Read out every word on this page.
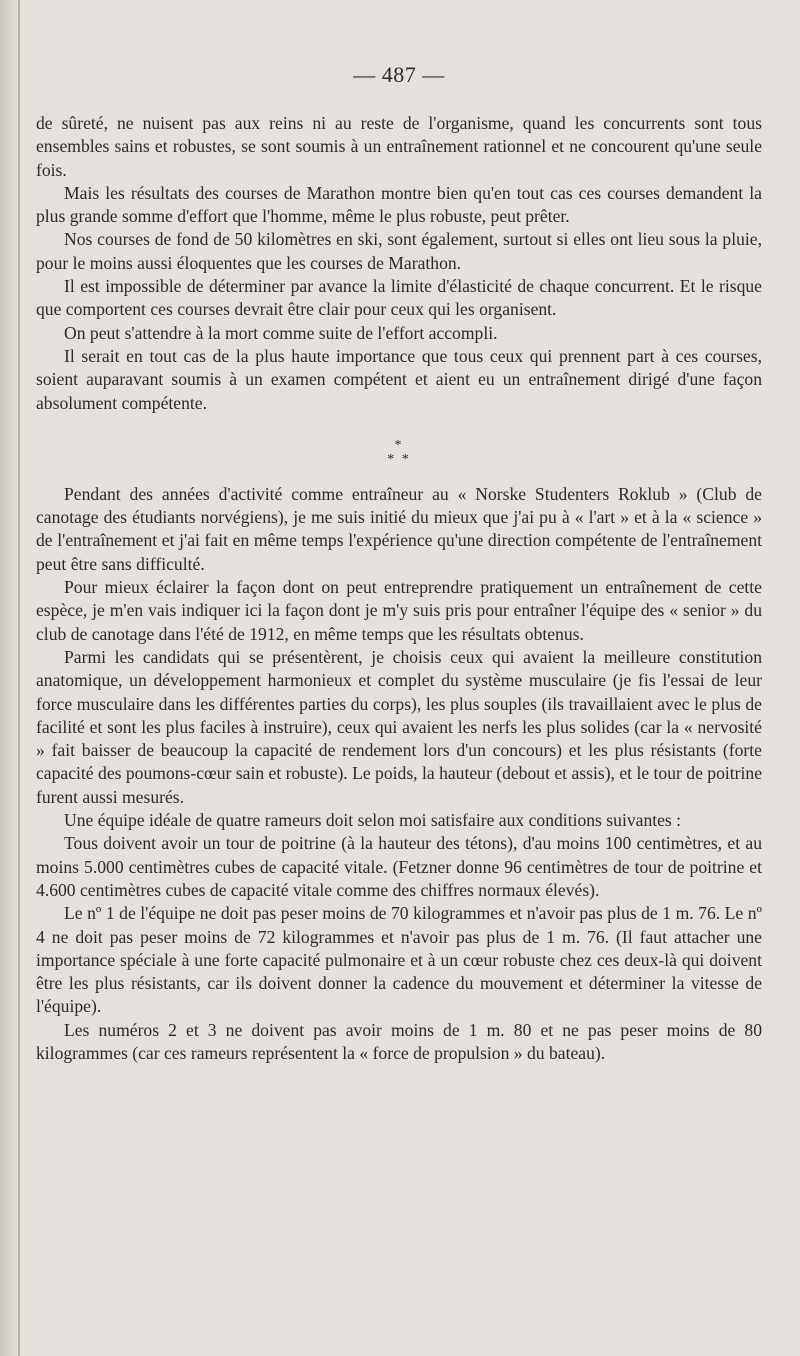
— 487 —

de sûreté, ne nuisent pas aux reins ni au reste de l'organisme, quand les concurrents sont tous ensembles sains et robustes, se sont soumis à un entraînement rationnel et ne concourent qu'une seule fois.

Mais les résultats des courses de Marathon montre bien qu'en tout cas ces courses demandent la plus grande somme d'effort que l'homme, même le plus robuste, peut prêter.

Nos courses de fond de 50 kilomètres en ski, sont également, surtout si elles ont lieu sous la pluie, pour le moins aussi éloquentes que les courses de Marathon.

Il est impossible de déterminer par avance la limite d'élasticité de chaque concurrent. Et le risque que comportent ces courses devrait être clair pour ceux qui les organisent.

On peut s'attendre à la mort comme suite de l'effort accompli.

Il serait en tout cas de la plus haute importance que tous ceux qui prennent part à ces courses, soient auparavant soumis à un examen compétent et aient eu un entraînement dirigé d'une façon absolument compétente.

*
* *

Pendant des années d'activité comme entraîneur au « Norske Studenters Roklub » (Club de canotage des étudiants norvégiens), je me suis initié du mieux que j'ai pu à « l'art » et à la « science » de l'entraînement et j'ai fait en même temps l'expérience qu'une direction compétente de l'entraînement peut être sans difficulté.

Pour mieux éclairer la façon dont on peut entreprendre pratiquement un entraînement de cette espèce, je m'en vais indiquer ici la façon dont je m'y suis pris pour entraîner l'équipe des « senior » du club de canotage dans l'été de 1912, en même temps que les résultats obtenus.

Parmi les candidats qui se présentèrent, je choisis ceux qui avaient la meilleure constitution anatomique, un développement harmonieux et complet du système musculaire (je fis l'essai de leur force musculaire dans les différentes parties du corps), les plus souples (ils travaillaient avec le plus de facilité et sont les plus faciles à instruire), ceux qui avaient les nerfs les plus solides (car la « nervosité » fait baisser de beaucoup la capacité de rendement lors d'un concours) et les plus résistants (forte capacité des poumons-cœur sain et robuste). Le poids, la hauteur (debout et assis), et le tour de poitrine furent aussi mesurés.

Une équipe idéale de quatre rameurs doit selon moi satisfaire aux conditions suivantes :

Tous doivent avoir un tour de poitrine (à la hauteur des tétons), d'au moins 100 centimètres, et au moins 5.000 centimètres cubes de capacité vitale. (Fetzner donne 96 centimètres de tour de poitrine et 4.600 centimètres cubes de capacité vitale comme des chiffres normaux élevés).

Le nº 1 de l'équipe ne doit pas peser moins de 70 kilogrammes et n'avoir pas plus de 1 m. 76. Le nº 4 ne doit pas peser moins de 72 kilogrammes et n'avoir pas plus de 1 m. 76. (Il faut attacher une importance spéciale à une forte capacité pulmonaire et à un cœur robuste chez ces deux-là qui doivent être les plus résistants, car ils doivent donner la cadence du mouvement et déterminer la vitesse de l'équipe).

Les numéros 2 et 3 ne doivent pas avoir moins de 1 m. 80 et ne pas peser moins de 80 kilogrammes (car ces rameurs représentent la « force de propulsion » du bateau).
